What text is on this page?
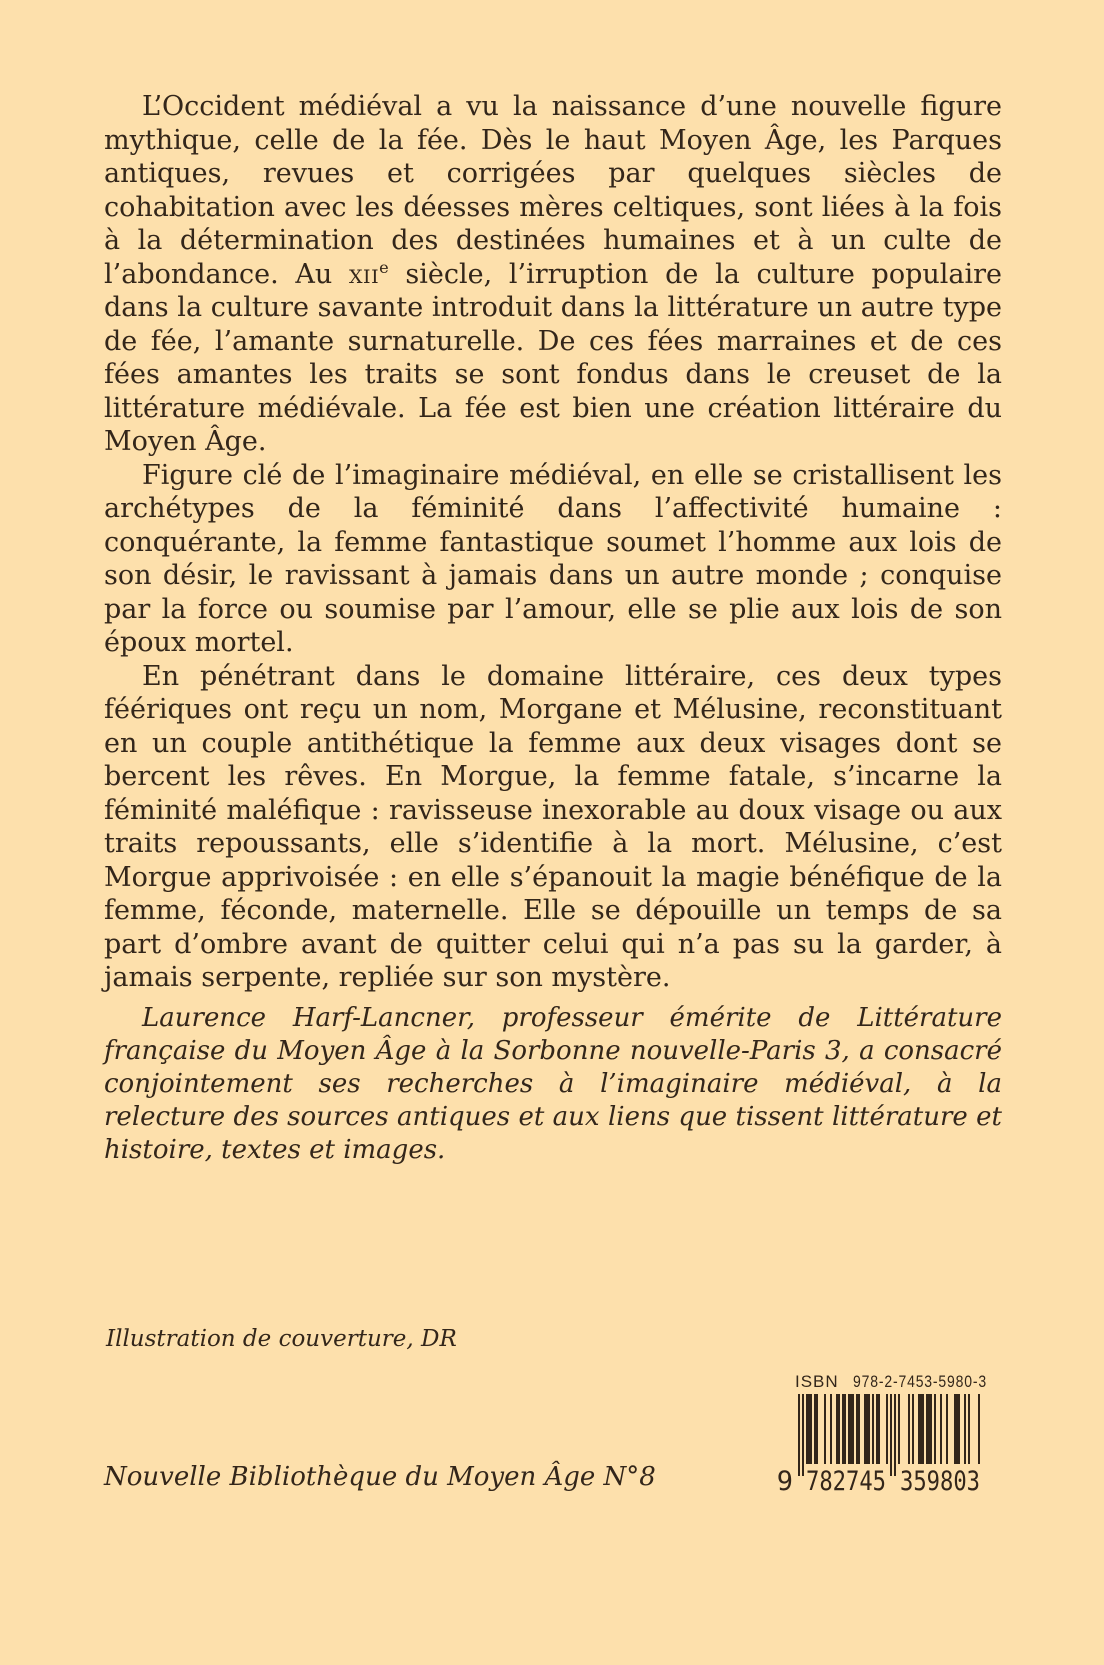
L’Occident médiéval a vu la naissance d’une nouvelle figure mythique, celle de la fée. Dès le haut Moyen Âge, les Parques antiques, revues et corrigées par quelques siècles de cohabitation avec les déesses mères celtiques, sont liées à la fois à la détermination des destinées humaines et à un culte de l’abondance. Au xii$^e$ siècle, l’irruption de la culture populaire dans la culture savante introduit dans la littérature un autre type de fée, l’amante surnaturelle. De ces fées marraines et de ces fées amantes les traits se sont fondus dans le creuset de la littérature médiévale. La fée est bien une création littéraire du Moyen Âge.

Figure clé de l’imaginaire médiéval, en elle se cristallisent les archétypes de la féminité dans l’affectivité humaine : conquérante, la femme fantastique soumet l’homme aux lois de son désir, le ravissant à jamais dans un autre monde ; conquise par la force ou soumise par l’amour, elle se plie aux lois de son époux mortel.

En pénétrant dans le domaine littéraire, ces deux types féériques ont reçu un nom, Morgane et Mélusine, reconstituant en un couple antithétique la femme aux deux visages dont se bercent les rêves. En Morgue, la femme fatale, s’incarne la féminité maléfique : ravisseuse inexorable au doux visage ou aux traits repoussants, elle s’identifie à la mort. Mélusine, c’est Morgue apprivoisée : en elle s’épanouit la magie bénéfique de la femme, féconde, maternelle. Elle se dépouille un temps de sa part d’ombre avant de quitter celui qui n’a pas su la garder, à jamais serpente, repliée sur son mystère.

Laurence Harf-Lancner, professeur émérite de Littérature française du Moyen Âge à la Sorbonne nouvelle-Paris 3, a consacré conjointement ses recherches à l’imaginaire médiéval, à la relecture des sources antiques et aux liens que tissent littérature et histoire, textes et images.

Illustration de couverture, DR
ISBN 978-2-7453-5980-3
9 782745 359803
Nouvelle Bibliothèque du Moyen Âge N°8
